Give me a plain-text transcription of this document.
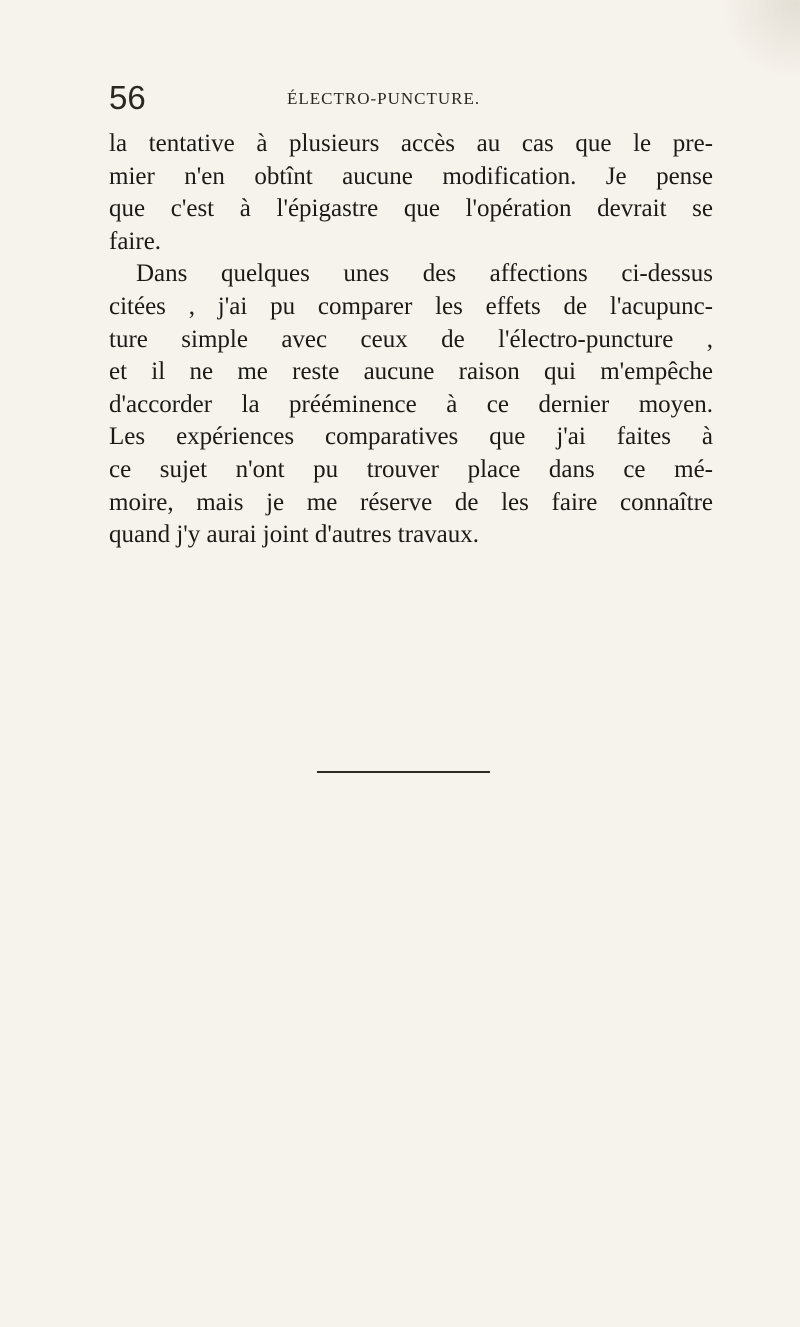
56	ÉLECTRO-PUNCTURE.
la tentative à plusieurs accès au cas que le pre-
mier n'en obtînt aucune modification. Je pense
que c'est à l'épigastre que l'opération devrait se
faire.
Dans quelques unes des affections ci-dessus
citées , j'ai pu comparer les effets de l'acupunc-
ture simple avec ceux de l'électro-puncture ,
et il ne me reste aucune raison qui m'empêche
d'accorder la prééminence à ce dernier moyen.
Les expériences comparatives que j'ai faites à
ce sujet n'ont pu trouver place dans ce mé-
moire, mais je me réserve de les faire connaître
quand j'y aurai joint d'autres travaux.
